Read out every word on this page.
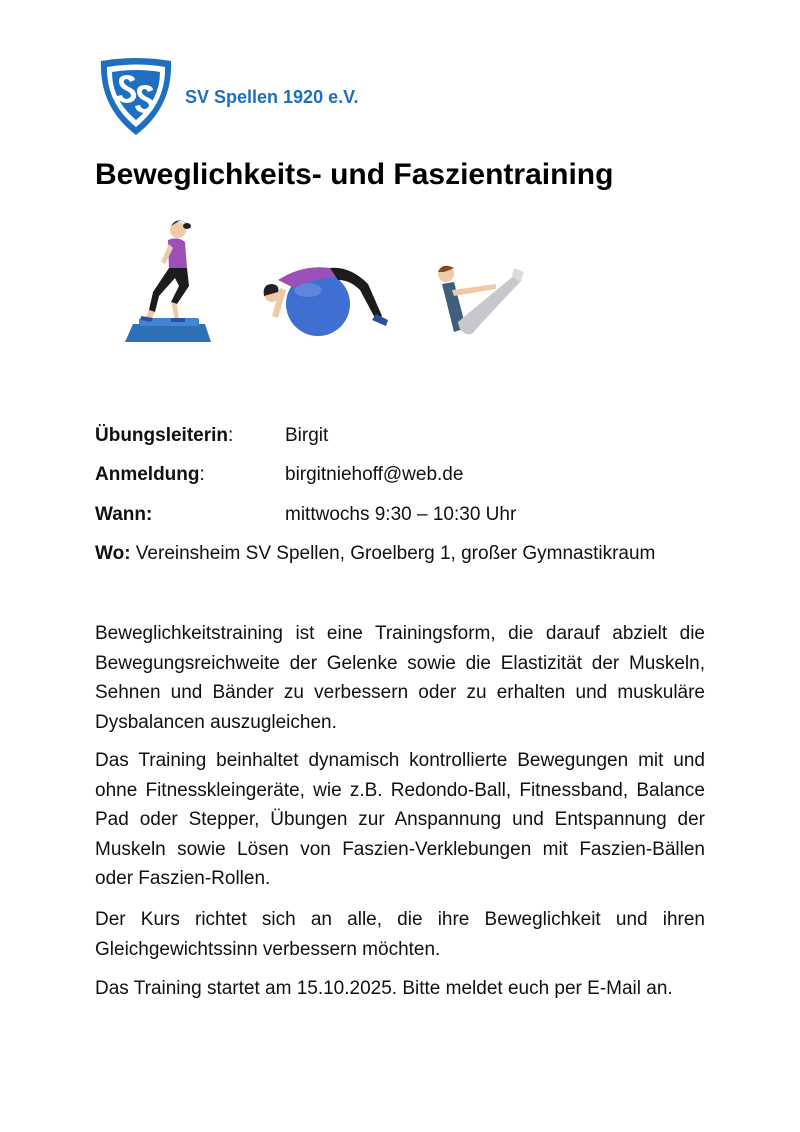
SV Spellen 1920 e.V.
Beweglichkeits- und Faszientraining
Übungsleiterin:	Birgit
Anmeldung:	birgitniehoff@web.de
Wann:	mittwochs 9:30 – 10:30 Uhr
Wo: Vereinsheim SV Spellen, Groelberg 1, großer Gymnastikraum

Beweglichkeitstraining ist eine Trainingsform, die darauf abzielt die Bewegungsreichweite der Gelenke sowie die Elastizität der Muskeln, Sehnen und Bänder zu verbessern oder zu erhalten und muskuläre Dysbalancen auszugleichen.

Das Training beinhaltet dynamisch kontrollierte Bewegungen mit und ohne Fitnesskleingeräte, wie z.B. Redondo-Ball, Fitnessband, Balance Pad oder Stepper, Übungen zur Anspannung und Entspannung der Muskeln sowie Lösen von Faszien-Verklebungen mit Faszien-Bällen oder Faszien-Rollen.

Der Kurs richtet sich an alle, die ihre Beweglichkeit und ihren Gleichgewichtssinn verbessern möchten.

Das Training startet am 15.10.2025. Bitte meldet euch per E-Mail an.
